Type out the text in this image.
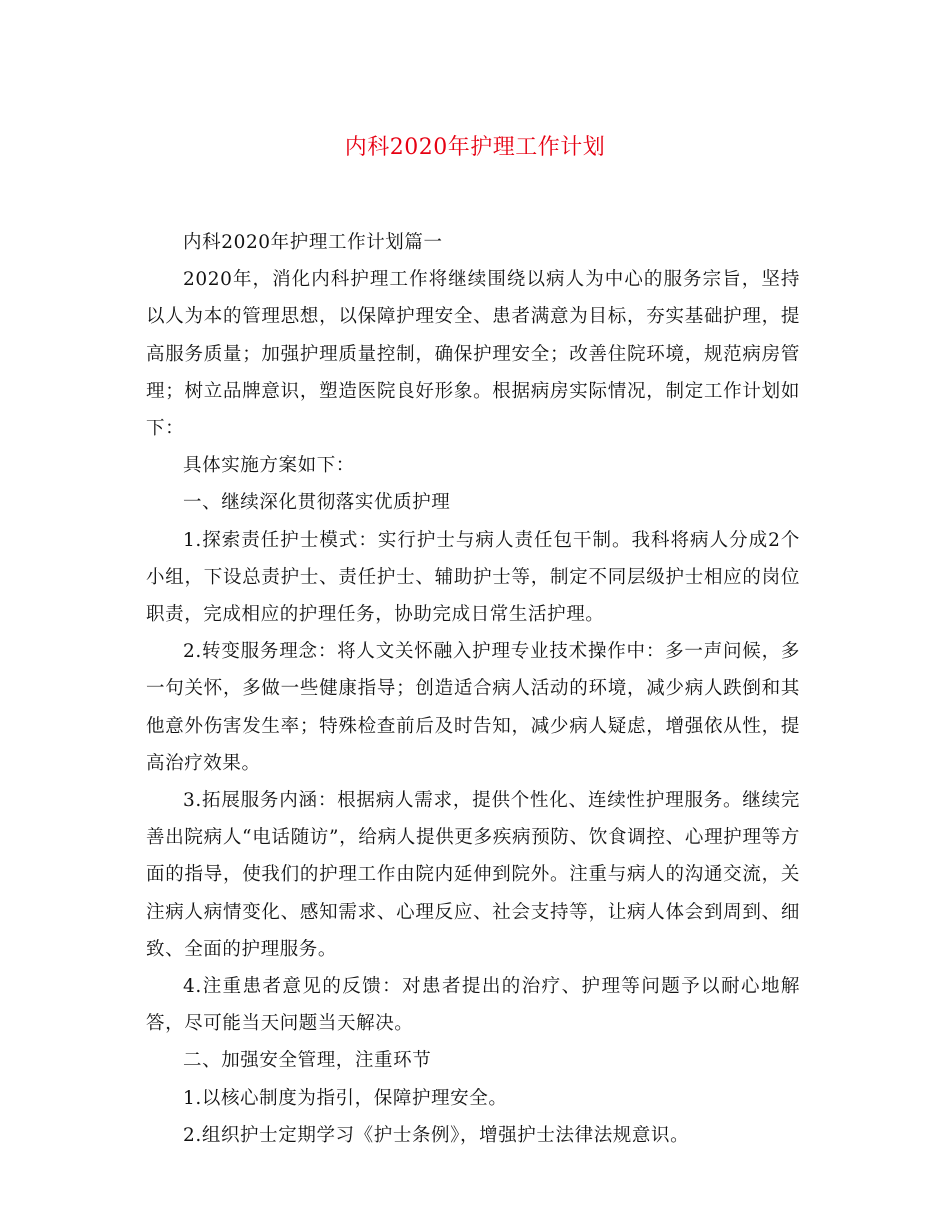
内科2020年护理工作计划

内科2020年护理工作计划篇一

2020年，消化内科护理工作将继续围绕以病人为中心的服务宗旨，坚持以人为本的管理思想，以保障护理安全、患者满意为目标，夯实基础护理，提高服务质量；加强护理质量控制，确保护理安全；改善住院环境，规范病房管理；树立品牌意识，塑造医院良好形象。根据病房实际情况，制定工作计划如下：

具体实施方案如下：

一、继续深化贯彻落实优质护理

1.探索责任护士模式：实行护士与病人责任包干制。我科将病人分成2个小组，下设总责护士、责任护士、辅助护士等，制定不同层级护士相应的岗位职责，完成相应的护理任务，协助完成日常生活护理。

2.转变服务理念：将人文关怀融入护理专业技术操作中：多一声问候，多一句关怀，多做一些健康指导；创造适合病人活动的环境，减少病人跌倒和其他意外伤害发生率；特殊检查前后及时告知，减少病人疑虑，增强依从性，提高治疗效果。

3.拓展服务内涵：根据病人需求，提供个性化、连续性护理服务。继续完善出院病人“电话随访”，给病人提供更多疾病预防、饮食调控、心理护理等方面的指导，使我们的护理工作由院内延伸到院外。注重与病人的沟通交流，关注病人病情变化、感知需求、心理反应、社会支持等，让病人体会到周到、细致、全面的护理服务。

4.注重患者意见的反馈：对患者提出的治疗、护理等问题予以耐心地解答，尽可能当天问题当天解决。

二、加强安全管理，注重环节

1.以核心制度为指引，保障护理安全。

2.组织护士定期学习《护士条例》，增强护士法律法规意识。
